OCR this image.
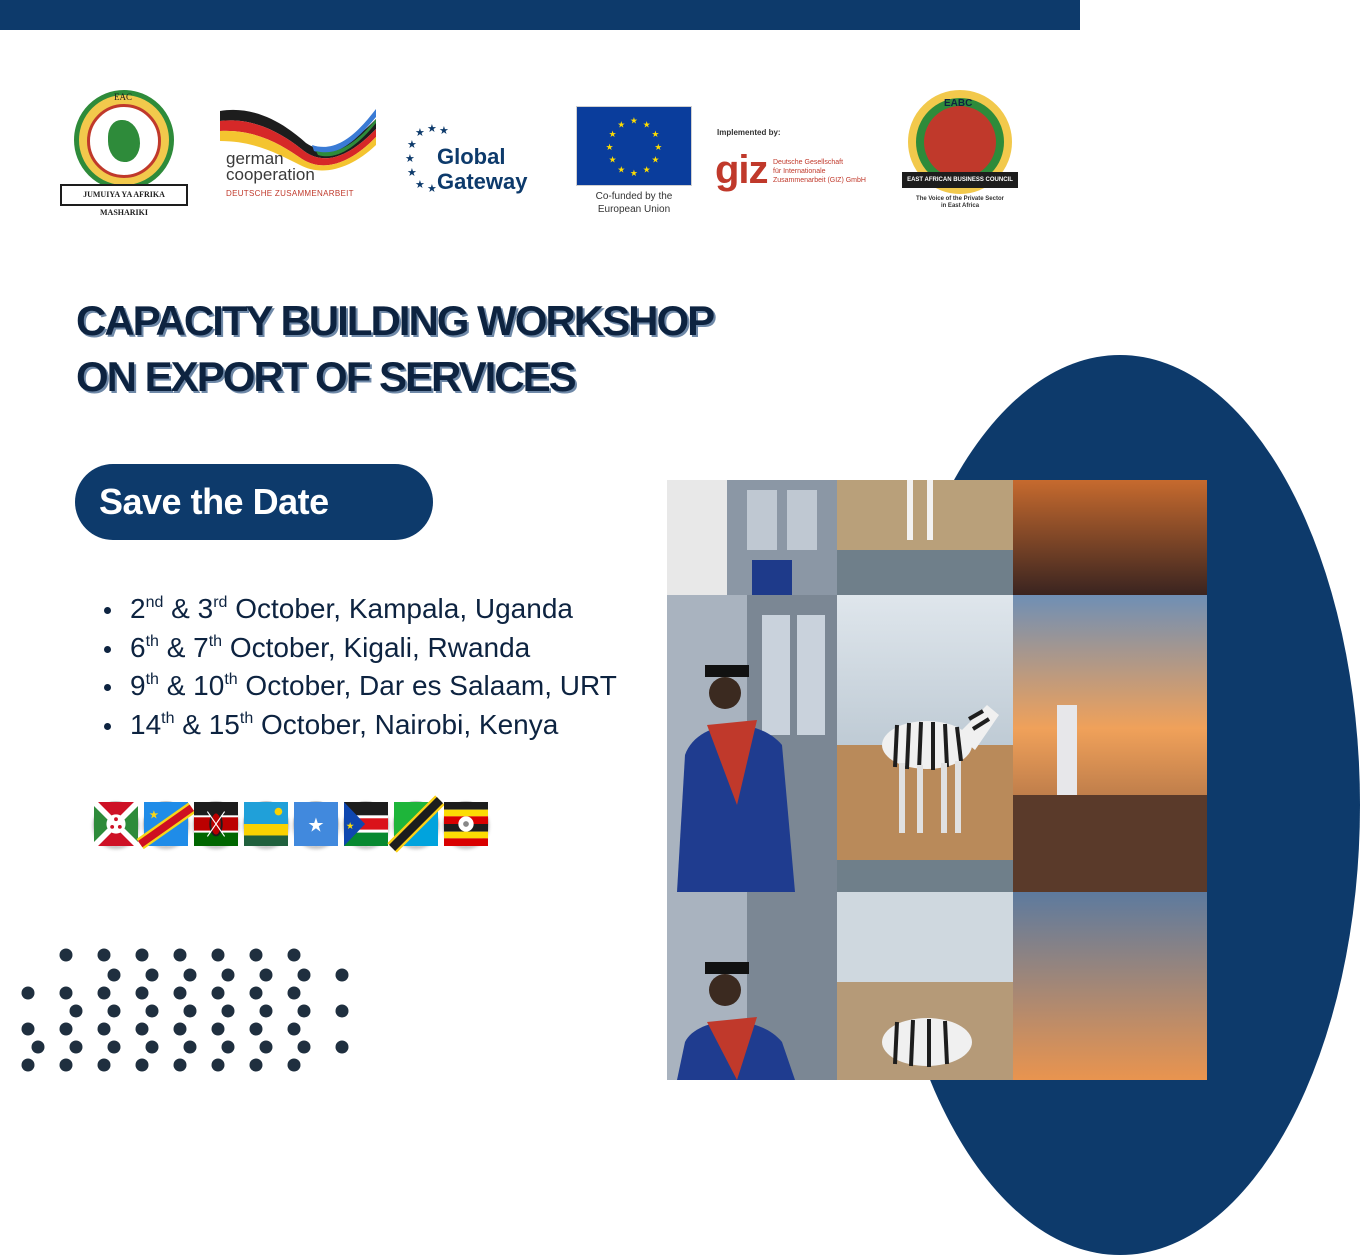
EAC
JUMUIYA YA AFRIKA MASHARIKI
german
cooperation
DEUTSCHE ZUSAMMENARBEIT
★ ★
★
★
★
★
★ ★
Global
Gateway
★ ★
★
★
★
★
★
★
★
★
★
★
Co-funded by the
European Union
Implemented by:
giz Deutsche Gesellschaft
für Internationale
Zusammenarbeit (GIZ) GmbH
EABC
EAST AFRICAN BUSINESS COUNCIL
The Voice of the Private Sector
in East Africa
CAPACITY BUILDING WORKSHOP
ON EXPORT OF SERVICES
Save the Date
2nd & 3rd October, Kampala, Uganda
6th & 7th October, Kigali, Rwanda
9th & 10th October, Dar es Salaam, URT
14th & 15th October, Nairobi, Kenya
★	★ ★
